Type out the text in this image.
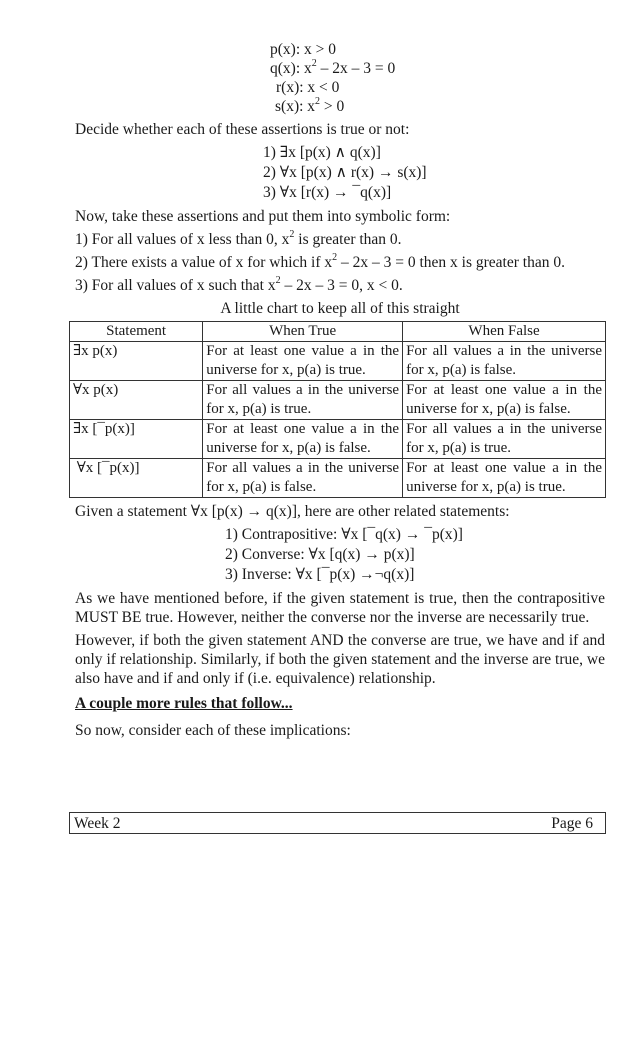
p(x): x > 0
q(x): $x^2 - 2x - 3 = 0$
r(x): x < 0
s(x): $x^2 > 0$
Decide whether each of these assertions is true or not:
1) ∃x [p(x) ∧ q(x)]
2) ∀x [p(x) ∧ r(x) → s(x)]
3) ∀x [r(x) → ¯q(x)]
Now, take these assertions and put them into symbolic form:
1) For all values of x less than 0, $x^2$ is greater than 0.
2) There exists a value of x for which if $x^2 - 2x - 3 = 0$ then x is greater than 0.
3) For all values of x such that $x^2 - 2x - 3 = 0$, x < 0.
A little chart to keep all of this straight
Statement	When True	When False
∃x p(x)	For at least one value a in the universe for x, p(a) is true.	For all values a in the universe for x, p(a) is false.
∀x p(x)	For all values a in the universe for x, p(a) is true.	For at least one value a in the universe for x, p(a) is false.
∃x [¯p(x)]	For at least one value a in the universe for x, p(a) is false.	For all values a in the universe for x, p(a) is true.
∀x [¯p(x)]	For all values a in the universe for x, p(a) is false.	For at least one value a in the universe for x, p(a) is true.
Given a statement ∀x [p(x) → q(x)], here are other related statements:
1) Contrapositive: ∀x [¯q(x) → ¯p(x)]
2) Converse: ∀x [q(x) → p(x)]
3) Inverse: ∀x [¯p(x) →¬q(x)]
As we have mentioned before, if the given statement is true, then the contrapositive MUST BE true. However, neither the converse nor the inverse are necessarily true.
However, if both the given statement AND the converse are true, we have and if and only if relationship. Similarly, if both the given statement and the inverse are true, we also have and if and only if (i.e. equivalence) relationship.
A couple more rules that follow...
So now, consider each of these implications:
Week 2	Page 6
